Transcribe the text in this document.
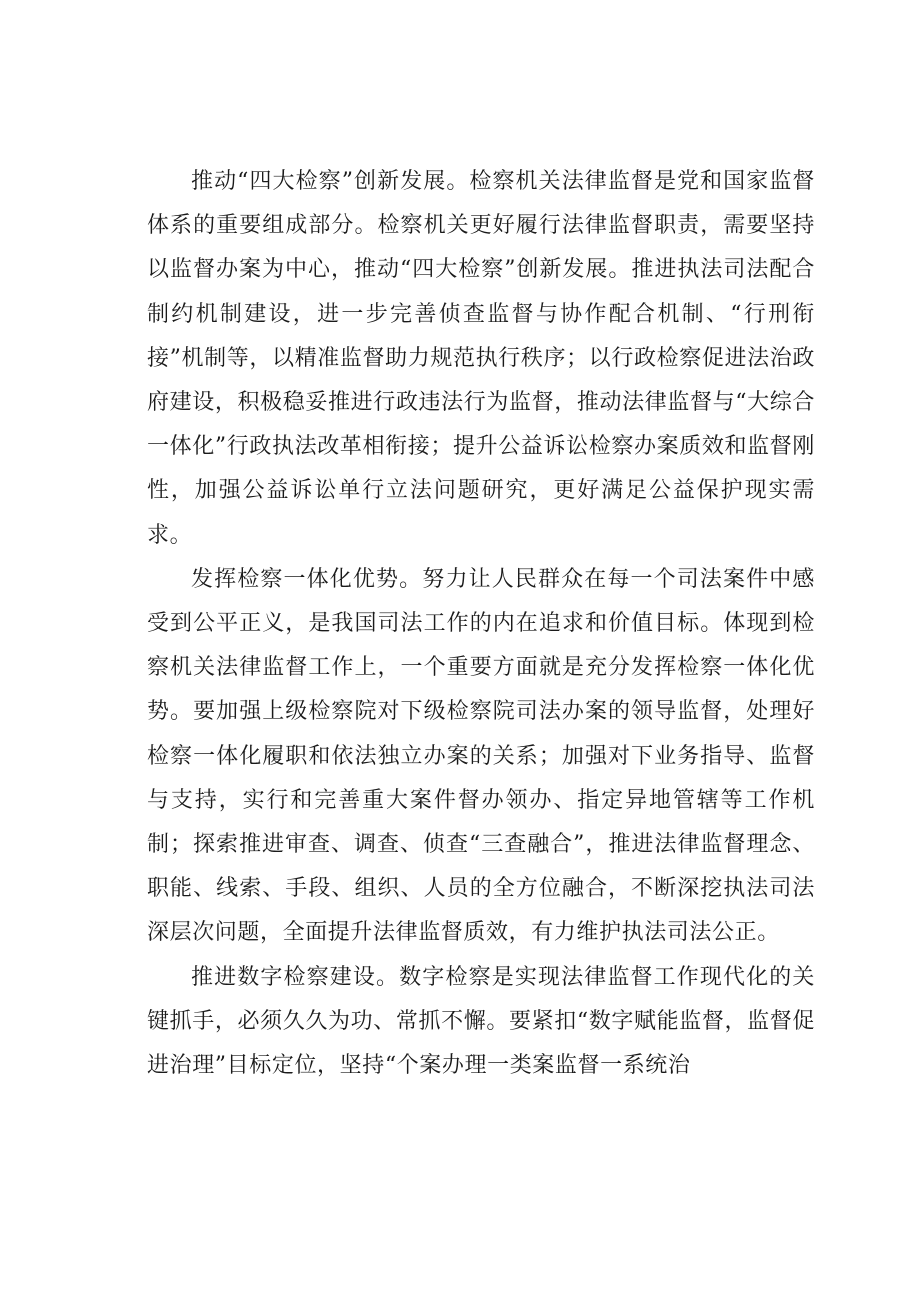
推动“四大检察”创新发展。检察机关法律监督是党和国家监督体系的重要组成部分。检察机关更好履行法律监督职责，需要坚持以监督办案为中心，推动“四大检察”创新发展。推进执法司法配合制约机制建设，进一步完善侦查监督与协作配合机制、“行刑衔接”机制等，以精准监督助力规范执行秩序；以行政检察促进法治政府建设，积极稳妥推进行政违法行为监督，推动法律监督与“大综合一体化”行政执法改革相衔接；提升公益诉讼检察办案质效和监督刚性，加强公益诉讼单行立法问题研究，更好满足公益保护现实需求。

发挥检察一体化优势。努力让人民群众在每一个司法案件中感受到公平正义，是我国司法工作的内在追求和价值目标。体现到检察机关法律监督工作上，一个重要方面就是充分发挥检察一体化优势。要加强上级检察院对下级检察院司法办案的领导监督，处理好检察一体化履职和依法独立办案的关系；加强对下业务指导、监督与支持，实行和完善重大案件督办领办、指定异地管辖等工作机制；探索推进审查、调查、侦查“三查融合”，推进法律监督理念、职能、线索、手段、组织、人员的全方位融合，不断深挖执法司法深层次问题，全面提升法律监督质效，有力维护执法司法公正。

推进数字检察建设。数字检察是实现法律监督工作现代化的关键抓手，必须久久为功、常抓不懈。要紧扣“数字赋能监督，监督促进治理”目标定位，坚持“个案办理一类案监督一系统治
